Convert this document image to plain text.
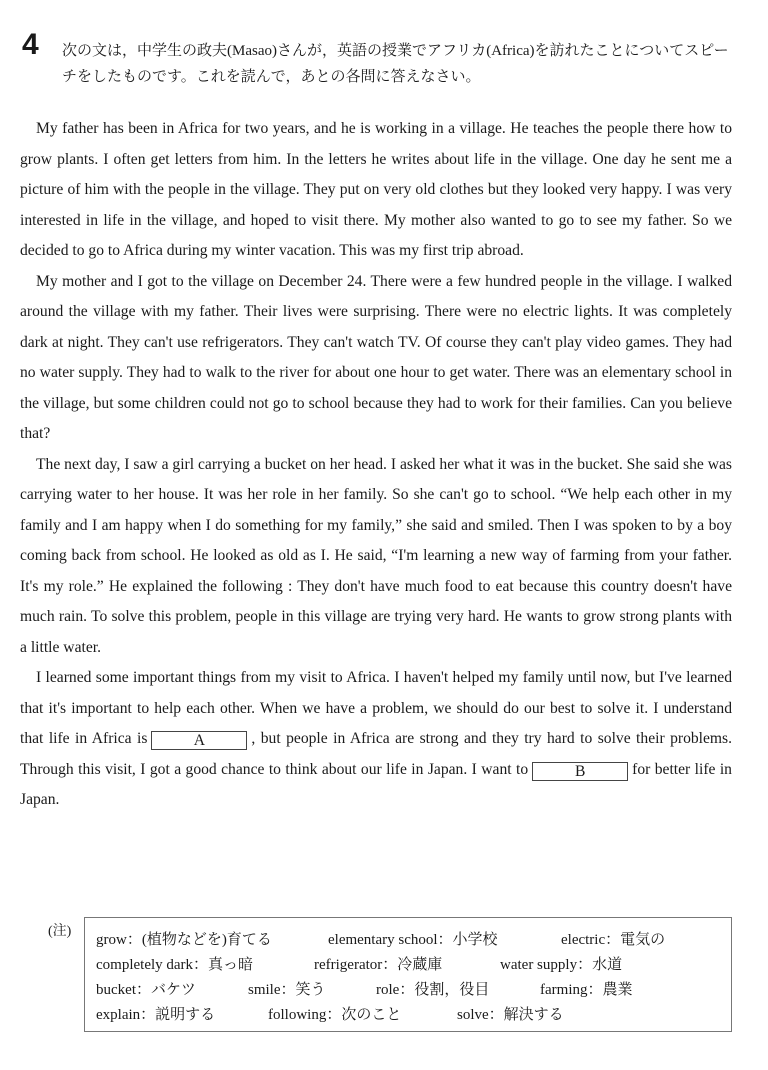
4 次の文は，中学生の政夫(Masao)さんが，英語の授業でアフリカ(Africa)を訪れたことについてスピーチをしたものです。これを読んで，あとの各問に答えなさい。

My father has been in Africa for two years, and he is working in a village. He teaches the people there how to grow plants. I often get letters from him. In the letters he writes about life in the village. One day he sent me a picture of him with the people in the village. They put on very old clothes but they looked very happy. I was very interested in life in the village, and hoped to visit there. My mother also wanted to go to see my father. So we decided to go to Africa during my winter vacation. This was my first trip abroad.

My mother and I got to the village on December 24. There were a few hundred people in the village. I walked around the village with my father. Their lives were surprising. There were no electric lights. It was completely dark at night. They can't use refrigerators. They can't watch TV. Of course they can't play video games. They had no water supply. They had to walk to the river for about one hour to get water. There was an elementary school in the village, but some children could not go to school because they had to work for their families. Can you believe that?

The next day, I saw a girl carrying a bucket on her head. I asked her what it was in the bucket. She said she was carrying water to her house. It was her role in her family. So she can't go to school. “We help each other in my family and I am happy when I do something for my family,” she said and smiled. Then I was spoken to by a boy coming back from school. He looked as old as I. He said, “I'm learning a new way of farming from your father. It's my role.” He explained the following : They don't have much food to eat because this country doesn't have much rain. To solve this problem, people in this village are trying very hard. He wants to grow strong plants with a little water.

I learned some important things from my visit to Africa. I haven't helped my family until now, but I've learned that it's important to help each other. When we have a problem, we should do our best to solve it. I understand that life in Africa is	A	, but people in Africa are strong and they try hard to solve their problems. Through this visit, I got a good chance to think about our life in Japan. I want to	B	for better life in Japan.

(注)
grow：(植物などを)育てる	elementary school：小学校	electric：電気の
completely dark：真っ暗	refrigerator：冷蔵庫	water supply：水道
bucket：バケツ	smile：笑う	role：役割，役目	farming：農業
explain：説明する	following：次のこと	solve：解決する
